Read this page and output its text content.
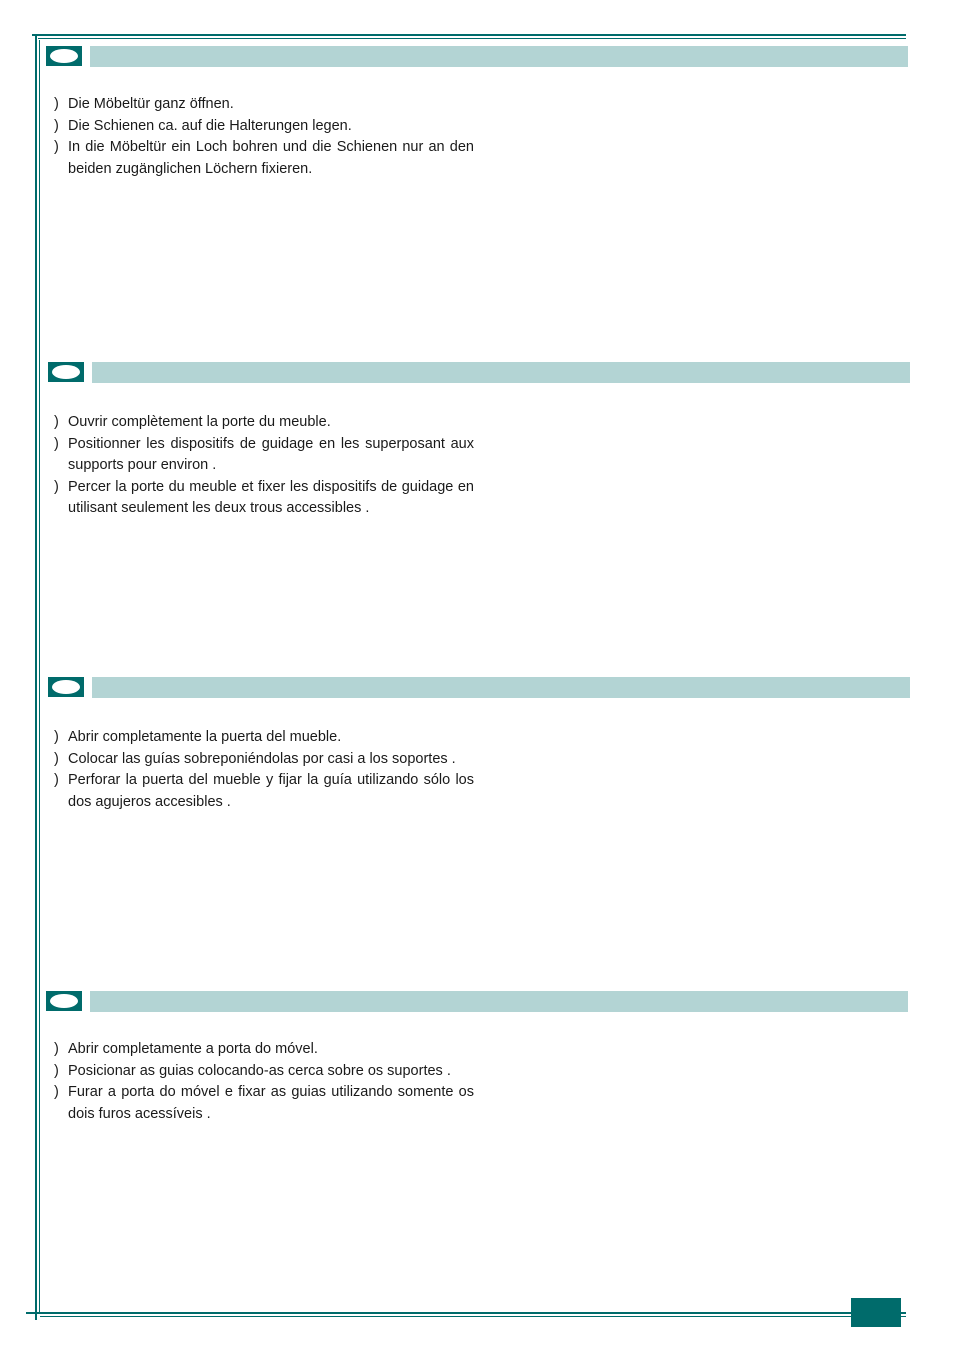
) Die Möbeltür ganz öffnen.
) Die Schienen ca. auf die Halterungen legen.
) In die Möbeltür ein Loch bohren und die Schienen nur an den beiden zugänglichen Löchern fixieren.
) Ouvrir complètement la porte du meuble.
) Positionner les dispositifs de guidage en les superposant aux supports pour environ .
) Percer la porte du meuble et fixer les dispositifs de guidage en utilisant seulement les deux trous accessibles .
) Abrir completamente la puerta del mueble.
) Colocar las guías sobreponiéndolas por casi a los soportes .
) Perforar la puerta del mueble y fijar la guía utilizando sólo los dos agujeros accesibles .
) Abrir completamente a porta do móvel.
) Posicionar as guias colocando-as cerca sobre os suportes .
) Furar a porta do móvel e fixar as guias utilizando somente os dois furos acessíveis .
